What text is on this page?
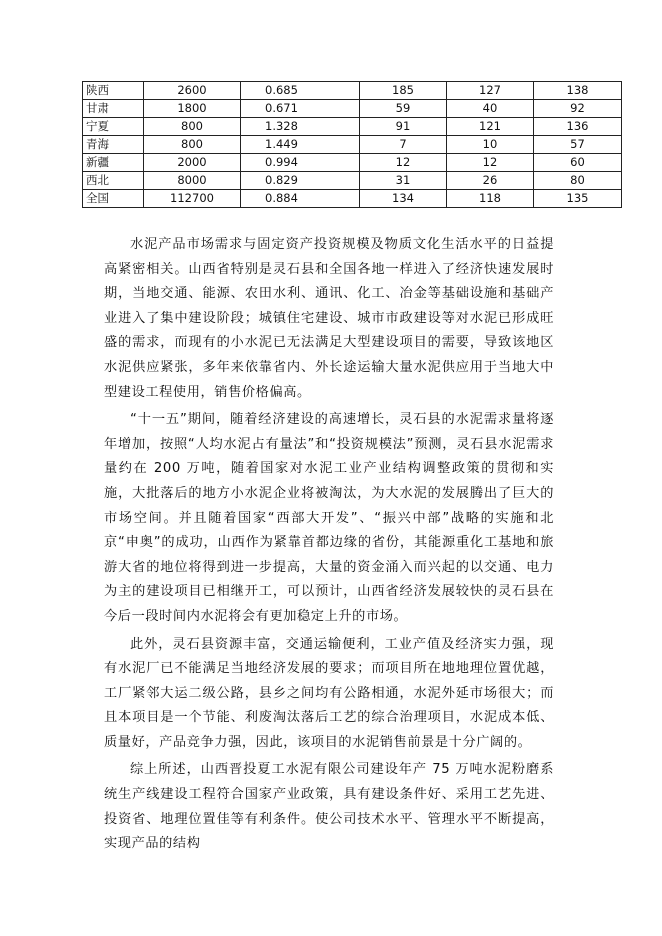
陕西	2600	0.685	185	127	138
甘肃	1800	0.671	59	40	92
宁夏	800	1.328	91	121	136
青海	800	1.449	7	10	57
新疆	2000	0.994	12	12	60
西北	8000	0.829	31	26	80
全国	112700	0.884	134	118	135

水泥产品市场需求与固定资产投资规模及物质文化生活水平的日益提高紧密相关。山西省特别是灵石县和全国各地一样进入了经济快速发展时期，当地交通、能源、农田水利、通讯、化工、冶金等基础设施和基础产业进入了集中建设阶段；城镇住宅建设、城市市政建设等对水泥已形成旺盛的需求，而现有的小水泥已无法满足大型建设项目的需要，导致该地区水泥供应紧张，多年来依靠省内、外长途运输大量水泥供应用于当地大中型建设工程使用，销售价格偏高。

“十一五”期间，随着经济建设的高速增长，灵石县的水泥需求量将逐年增加，按照“人均水泥占有量法”和“投资规模法”预测，灵石县水泥需求量约在 200 万吨，随着国家对水泥工业产业结构调整政策的贯彻和实施，大批落后的地方小水泥企业将被淘汰，为大水泥的发展腾出了巨大的市场空间。并且随着国家“西部大开发”、“振兴中部”战略的实施和北京“申奥”的成功，山西作为紧靠首都边缘的省份，其能源重化工基地和旅游大省的地位将得到进一步提高，大量的资金涌入而兴起的以交通、电力为主的建设项目已相继开工，可以预计，山西省经济发展较快的灵石县在今后一段时间内水泥将会有更加稳定上升的市场。

此外，灵石县资源丰富，交通运输便利，工业产值及经济实力强，现有水泥厂已不能满足当地经济发展的要求；而项目所在地地理位置优越，工厂紧邻大运二级公路，县乡之间均有公路相通，水泥外延市场很大；而且本项目是一个节能、利废淘汰落后工艺的综合治理项目，水泥成本低、质量好，产品竞争力强，因此，该项目的水泥销售前景是十分广阔的。

综上所述，山西晋投夏工水泥有限公司建设年产 75 万吨水泥粉磨系统生产线建设工程符合国家产业政策，具有建设条件好、采用工艺先进、投资省、地理位置佳等有利条件。使公司技术水平、管理水平不断提高，实现产品的结构
